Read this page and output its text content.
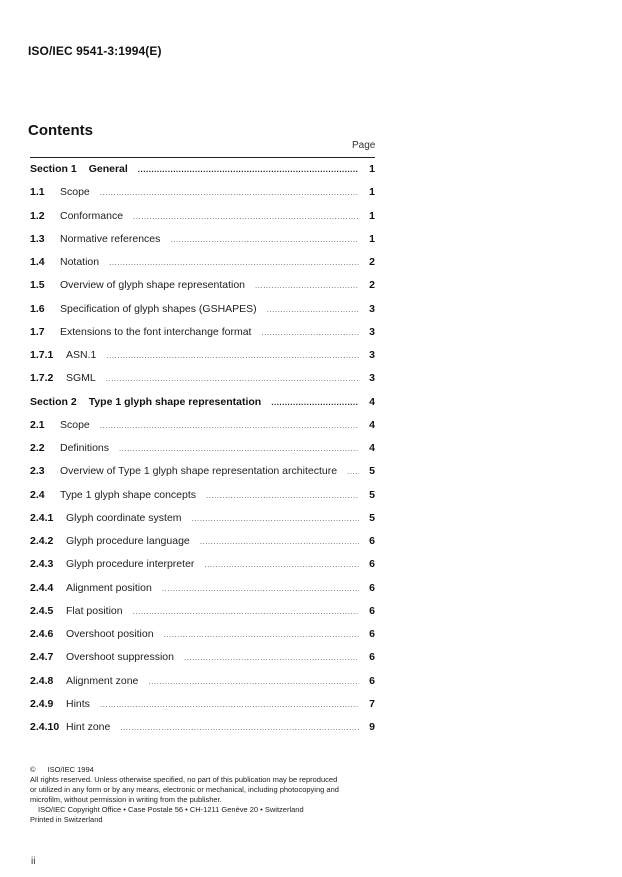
ISO/IEC 9541-3:1994(E)
Contents
Page
Section 1 General .....	1
1.1	Scope .....	1
1.2	Conformance .....	1
1.3	Normative references .....	1
1.4	Notation .....	2
1.5	Overview of glyph shape representation .....	2
1.6	Specification of glyph shapes (GSHAPES) .....	3
1.7	Extensions to the font interchange format .....	3
1.7.1	ASN.1 .....	3
1.7.2	SGML .....	3
Section 2 Type 1 glyph shape representation .....	4
2.1	Scope .....	4
2.2	Definitions .....	4
2.3	Overview of Type 1 glyph shape representation architecture .....	5
2.4	Type 1 glyph shape concepts .....	5
2.4.1	Glyph coordinate system .....	5
2.4.2	Glyph procedure language .....	6
2.4.3	Glyph procedure interpreter .....	6
2.4.4	Alignment position .....	6
2.4.5	Flat position .....	6
2.4.6	Overshoot position .....	6
2.4.7	Overshoot suppression .....	6
2.4.8	Alignment zone .....	6
2.4.9	Hints .....	7
2.4.10 Hint zone .....	9
© ISO/IEC 1994
All rights reserved. Unless otherwise specified, no part of this publication may be reproduced
or utilized in any form or by any means, electronic or mechanical, including photocopying and
microfilm, without permission in writing from the publisher.
ISO/IEC Copyright Office • Case Postale 56 • CH-1211 Genève 20 • Switzerland
Printed in Switzerland
ii
